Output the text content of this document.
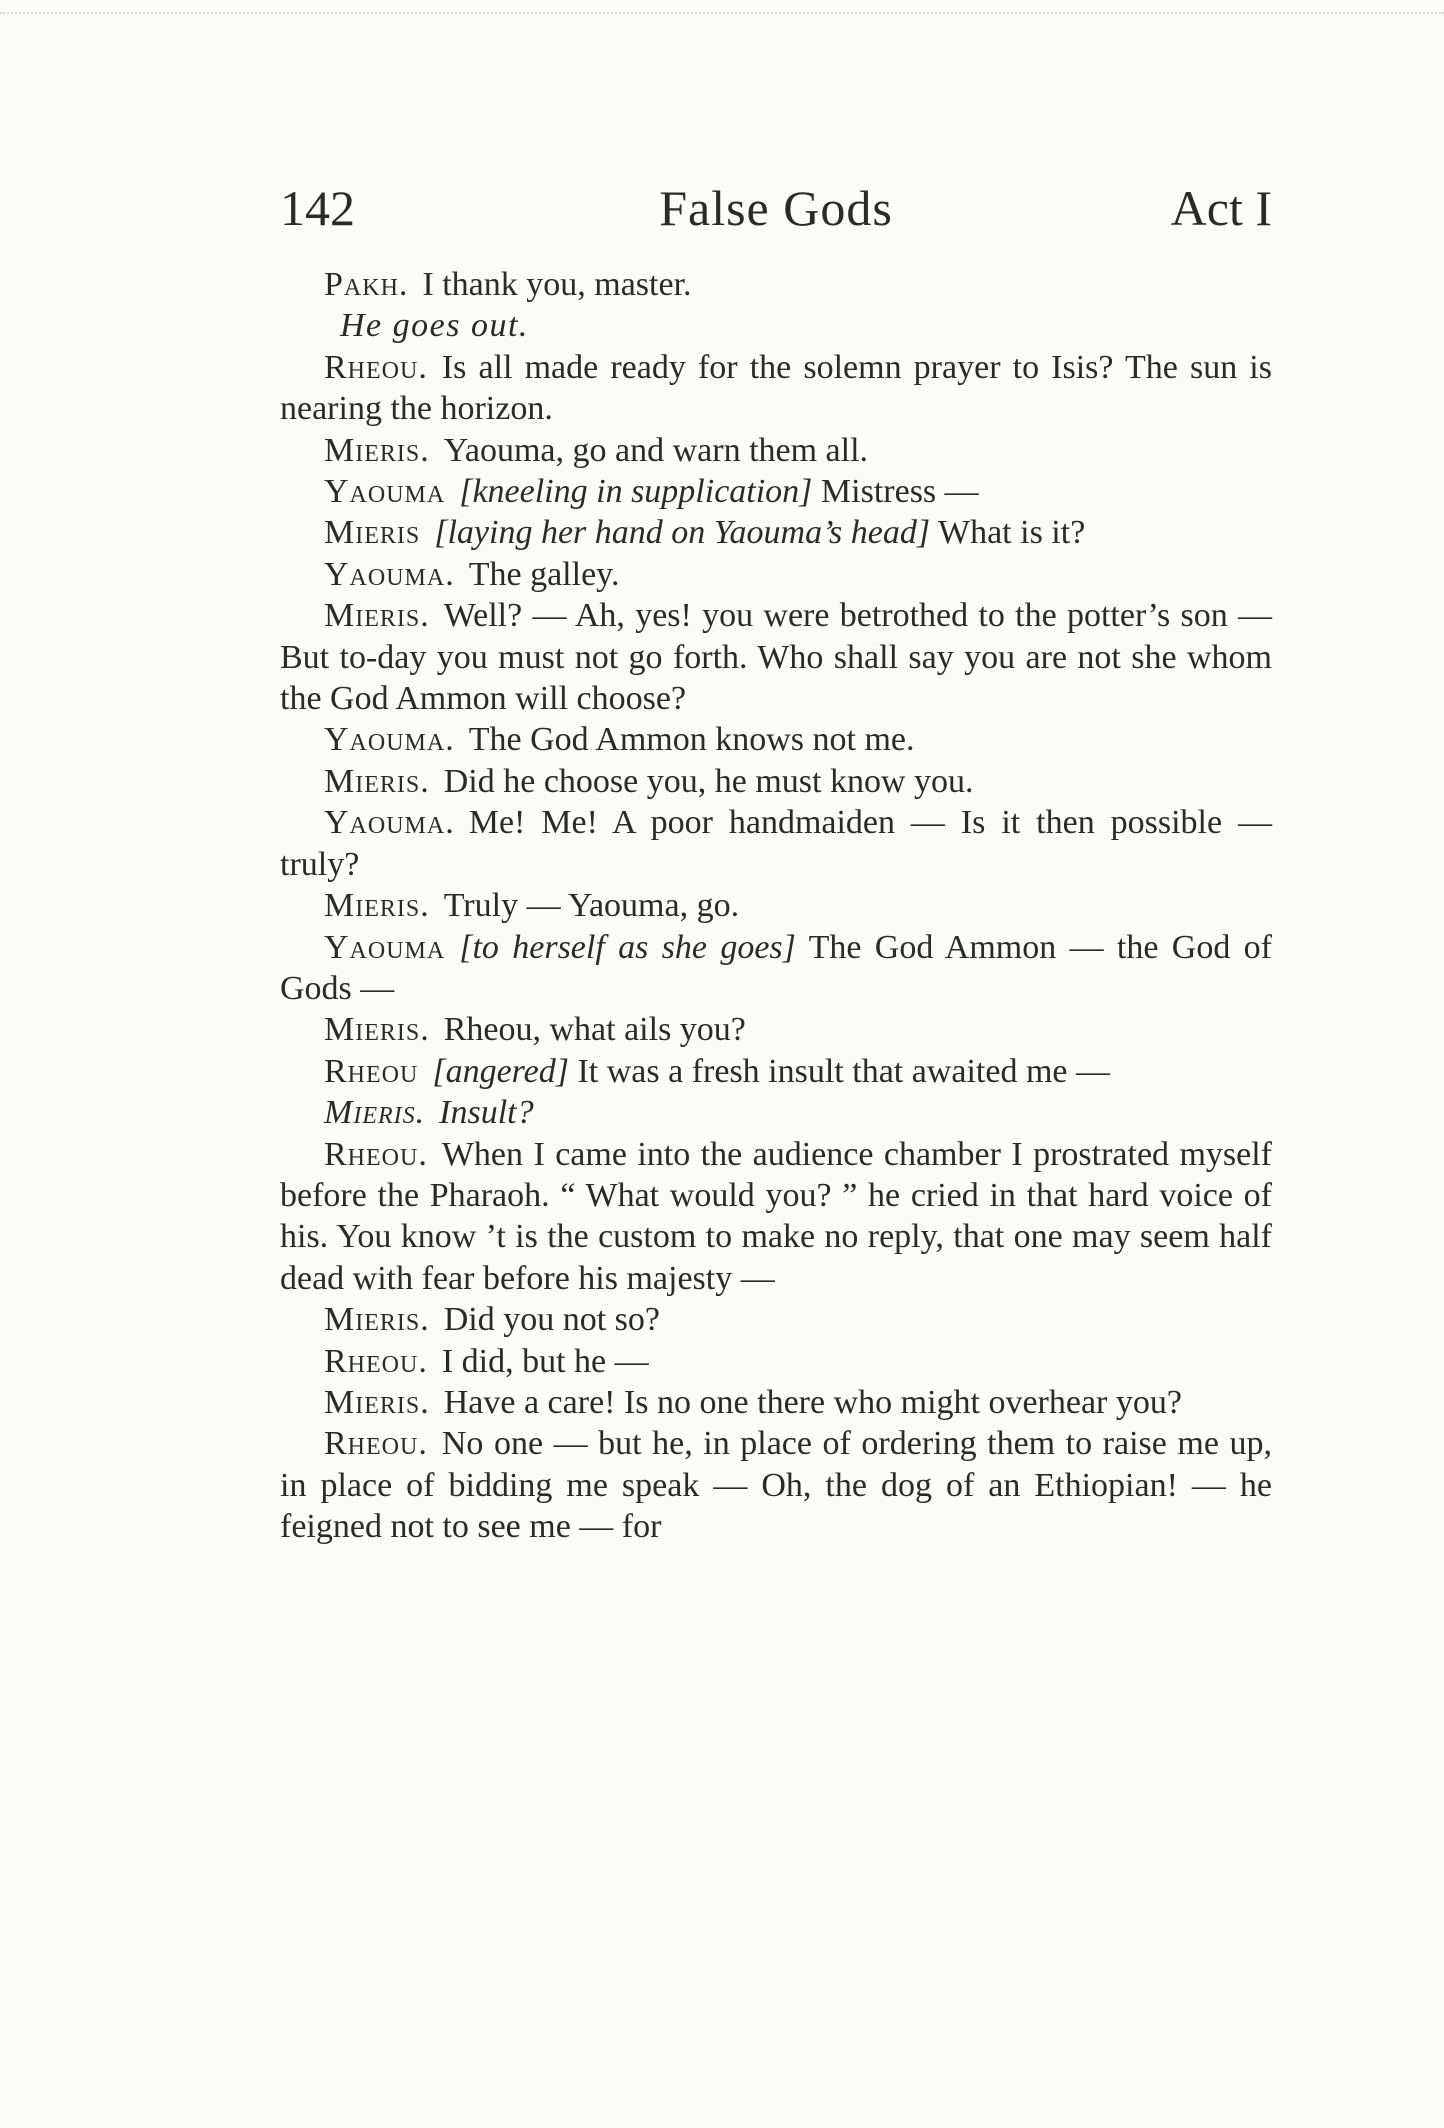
142	False Gods	Act I

Pakh. I thank you, master.

He goes out.

Rheou. Is all made ready for the solemn prayer to Isis? The sun is nearing the horizon.

Mieris. Yaouma, go and warn them all.

Yaouma [kneeling in supplication] Mistress —

Mieris [laying her hand on Yaouma’s head] What is it?

Yaouma. The galley.

Mieris. Well? — Ah, yes! you were betrothed to the potter’s son — But to-day you must not go forth. Who shall say you are not she whom the God Ammon will choose?

Yaouma. The God Ammon knows not me.

Mieris. Did he choose you, he must know you.

Yaouma. Me! Me! A poor handmaiden — Is it then possible — truly?

Mieris. Truly — Yaouma, go.

Yaouma [to herself as she goes] The God Ammon — the God of Gods —

Mieris. Rheou, what ails you?

Rheou [angered] It was a fresh insult that awaited me —

Mieris. Insult?

Rheou. When I came into the audience chamber I prostrated myself before the Pharaoh. “ What would you? ” he cried in that hard voice of his. You know ’t is the custom to make no reply, that one may seem half dead with fear before his majesty —

Mieris. Did you not so?

Rheou. I did, but he —

Mieris. Have a care! Is no one there who might overhear you?

Rheou. No one — but he, in place of ordering them to raise me up, in place of bidding me speak — Oh, the dog of an Ethiopian! — he feigned not to see me — for
